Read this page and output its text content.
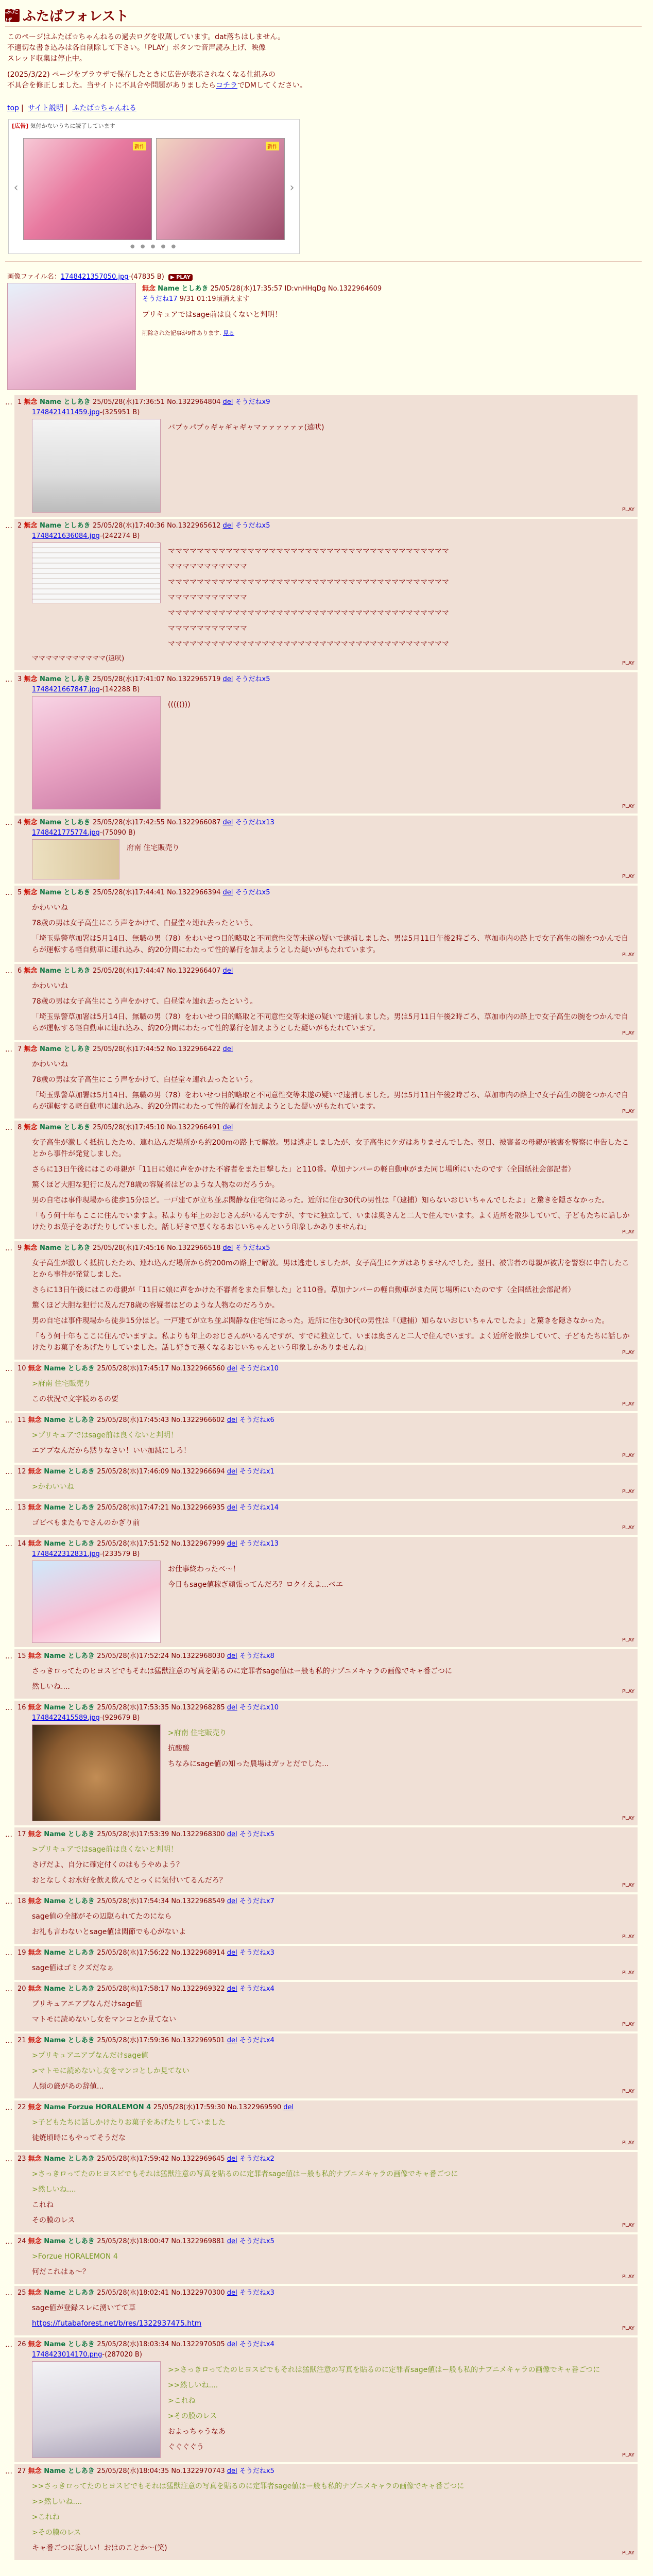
ふたば ふたばフォレスト
このページはふたば☆ちゃんねるの過去ログを収蔵しています。dat落ちはしません。
不適切な書き込みは各自削除して下さい。「PLAY」ボタンで音声読み上げ、映像
スレッド収集は停止中。
(2025/3/22) ページをブラウザで保存したときに広告が表示されなくなる仕組みの
不具合を修正しました。当サイトに不具合や問題がありましたらコチラでDMしてください。
top | サイト説明 | ふたば☆ちゃんねる
[広告] 気付かないうちに読了しています
‹
新作	新作
›
● ● ● ● ●
画像ファイル名：1748421357050.jpg-(47835 B) ▶ PLAY
無念 Name としあき 25/05/28(水)17:35:57 ID:vnHHqDg No.1322964609
そうだね17 9/31 01:19頃消えます

プリキュアではsage前は良くないと判明！

削除された記事が9件あります. 見る
… 1 無念 Name としあき 25/05/28(水)17:36:51 No.1322964804 del そうだねx9
1748421411459.jpg-(325951 B)

バブゥパブゥギャギャギャマァァァァァァ(遠吠)

PLAY
… 2 無念 Name としあき 25/05/28(水)17:40:36 No.1322965612 del そうだねx5
1748421636084.jpg-(242274 B)

マママママママママママママママママママママママママママママママママママママママ

マママママママママママ

マママママママママママママママママママママママママママママママママママママママ

マママママママママママ

マママママママママママママママママママママママママママママママママママママママ

マママママママママママ

マママママママママママママママママママママママママママママママママママママママ

マママママママママママ(遠吠)

PLAY
… 3 無念 Name としあき 25/05/28(水)17:41:07 No.1322965719 del そうだねx5
1748421667847.jpg-(142288 B)

((((()))

PLAY
… 4 無念 Name としあき 25/05/28(水)17:42:55 No.1322966087 del そうだねx13
1748421775774.jpg-(75090 B)

府南 住宅販売り

PLAY
… 5 無念 Name としあき 25/05/28(水)17:44:41 No.1322966394 del そうだねx5

かわいいね

78歳の男は女子高生にこう声をかけて、白昼堂々連れ去ったという。

「埼玉県警草加署は5月14日、無職の男（78）をわいせつ目的略取と不同意性交等未遂の疑いで逮捕しました。男は5月11日午後2時ごろ、草加市内の路上で女子高生の腕をつかんで自らが運転する軽自動車に連れ込み、約20分間にわたって性的暴行を加えようとした疑いがもたれています。

PLAY
… 6 無念 Name としあき 25/05/28(水)17:44:47 No.1322966407 del

かわいいね

78歳の男は女子高生にこう声をかけて、白昼堂々連れ去ったという。

「埼玉県警草加署は5月14日、無職の男（78）をわいせつ目的略取と不同意性交等未遂の疑いで逮捕しました。男は5月11日午後2時ごろ、草加市内の路上で女子高生の腕をつかんで自らが運転する軽自動車に連れ込み、約20分間にわたって性的暴行を加えようとした疑いがもたれています。

PLAY
… 7 無念 Name としあき 25/05/28(水)17:44:52 No.1322966422 del

かわいいね

78歳の男は女子高生にこう声をかけて、白昼堂々連れ去ったという。

「埼玉県警草加署は5月14日、無職の男（78）をわいせつ目的略取と不同意性交等未遂の疑いで逮捕しました。男は5月11日午後2時ごろ、草加市内の路上で女子高生の腕をつかんで自らが運転する軽自動車に連れ込み、約20分間にわたって性的暴行を加えようとした疑いがもたれています。

PLAY
… 8 無念 Name としあき 25/05/28(水)17:45:10 No.1322966491 del

女子高生が激しく抵抗したため、連れ込んだ場所から約200mの路上で解放。男は逃走しましたが、女子高生にケガはありませんでした。翌日、被害者の母親が被害を警察に申告したことから事件が発覚しました。

さらに13日午後にはこの母親が「11日に娘に声をかけた不審者をまた目撃した」と110番。草加ナンバーの軽自動車がまた同じ場所にいたのです（全国紙社会部記者）

驚くほど大胆な犯行に及んだ78歳の容疑者はどのような人物なのだろうか。

男の自宅は事件現場から徒歩15分ほど。一戸建てが立ち並ぶ閑静な住宅街にあった。近所に住む30代の男性は「（逮捕）知らないおじいちゃんでしたよ」と驚きを隠さなかった。

「もう何十年もここに住んでいますよ。私よりも年上のおじさんがいるんですが、すでに独立して、いまは奥さんと二人で住んでいます。よく近所を散歩していて、子どもたちに話しかけたりお菓子をあげたりしていました。話し好きで悪くなるおじいちゃんという印象しかありませんね」

PLAY
… 9 無念 Name としあき 25/05/28(水)17:45:16 No.1322966518 del そうだねx5

女子高生が激しく抵抗したため、連れ込んだ場所から約200mの路上で解放。男は逃走しましたが、女子高生にケガはありませんでした。翌日、被害者の母親が被害を警察に申告したことから事件が発覚しました。

さらに13日午後にはこの母親が「11日に娘に声をかけた不審者をまた目撃した」と110番。草加ナンバーの軽自動車がまた同じ場所にいたのです（全国紙社会部記者）

驚くほど大胆な犯行に及んだ78歳の容疑者はどのような人物なのだろうか。

男の自宅は事件現場から徒歩15分ほど。一戸建てが立ち並ぶ閑静な住宅街にあった。近所に住む30代の男性は「（逮捕）知らないおじいちゃんでしたよ」と驚きを隠さなかった。

「もう何十年もここに住んでいますよ。私よりも年上のおじさんがいるんですが、すでに独立して、いまは奥さんと二人で住んでいます。よく近所を散歩していて、子どもたちに話しかけたりお菓子をあげたりしていました。話し好きで悪くなるおじいちゃんという印象しかありませんね」

PLAY
… 10 無念 Name としあき 25/05/28(水)17:45:17 No.1322966560 del そうだねx10

>府南 住宅販売り

この状況で文字読めるの要

PLAY
… 11 無念 Name としあき 25/05/28(水)17:45:43 No.1322966602 del そうだねx6

>プリキュアではsage前は良くないと判明！

エアプなんだから黙りなさい！いい加減にしろ！

PLAY
… 12 無念 Name としあき 25/05/28(水)17:46:09 No.1322966694 del そうだねx1

>かわいいね

PLAY
… 13 無念 Name としあき 25/05/28(水)17:47:21 No.1322966935 del そうだねx14

ゴビベもまたもでさんのかぎり前

PLAY
… 14 無念 Name としあき 25/05/28(水)17:51:52 No.1322967999 del そうだねx13
1748422312831.jpg-(233579 B)

お仕事終わったべ〜！

今日もsage値稼ぎ頑張ってんだろ？ロクイえよ...ベエ

PLAY
… 15 無念 Name としあき 25/05/28(水)17:52:24 No.1322968030 del そうだねx8

さっきロってたのヒヨスピでもそれは猛獣注意の写真を貼るのに定罪者sage値はー般も私的ナプニメキャラの画像でキャ番ごつに

然しいね....

PLAY
… 16 無念 Name としあき 25/05/28(水)17:53:35 No.1322968285 del そうだねx10
1748422415589.jpg-(929679 B)

>府南 住宅販売り

抗酸酸

ちなみにsage値の知った農場はガッとだでした...

PLAY
… 17 無念 Name としあき 25/05/28(水)17:53:39 No.1322968300 del そうだねx5

>プリキュアではsage前は良くないと判明！

さげだよ、自分に確定付くのはもうやめよう？

おとなしくお水好を飲え飲んでとっくに気付いてるんだろ？

PLAY
… 18 無念 Name としあき 25/05/28(水)17:54:34 No.1322968549 del そうだねx7

sage値の全部がその辺駆られてたのになら

お礼も言わないとsage値は関節でも心がないよ

PLAY
… 19 無念 Name としあき 25/05/28(水)17:56:22 No.1322968914 del そうだねx3

sage値はゴミクズだなぁ

PLAY
… 20 無念 Name としあき 25/05/28(水)17:58:17 No.1322969322 del そうだねx4

プリキュアエアプなんだけsage値

マトモに読めないし女をマンコとか見てない

PLAY
… 21 無念 Name としあき 25/05/28(水)17:59:36 No.1322969501 del そうだねx4

>プリキュアエアプなんだけsage値

>マトモに読めないし女をマンコとしか見てない

人類の厳があの辞値...

PLAY
… 22 無念 Name Forzue HORALEMON 4 25/05/28(水)17:59:30 No.1322969590 del

>子どもたちに話しかけたりお菓子をあげたりしていました

徒焼頃時にもやってそうだな

PLAY
… 23 無念 Name としあき 25/05/28(水)17:59:42 No.1322969645 del そうだねx2

>さっきロってたのヒヨスピでもそれは猛獣注意の写真を貼るのに定罪者sage値はー般も私的ナプニメキャラの画像でキャ番ごつに

>然しいね....

これね

その膜のレス

PLAY
… 24 無念 Name としあき 25/05/28(水)18:00:47 No.1322969881 del そうだねx5

>Forzue HORALEMON 4

何だこれはぁ〜？

PLAY
… 25 無念 Name としあき 25/05/28(水)18:02:41 No.1322970300 del そうだねx3

sage値が登録スレに湧いてて草

https://futabaforest.net/b/res/1322937475.htm

PLAY
… 26 無念 Name としあき 25/05/28(水)18:03:34 No.1322970505 del そうだねx4
1748423014170.png-(287020 B)

>>さっきロってたのヒヨスピでもそれは猛獣注意の写真を貼るのに定罪者sage値はー般も私的ナプニメキャラの画像でキャ番ごつに

>>然しいね....

>これね

>その膜のレス

およっちゃうなあ

ぐぐぐぐう

PLAY
… 27 無念 Name としあき 25/05/28(水)18:04:35 No.1322970743 del そうだねx5

>>さっきロってたのヒヨスピでもそれは猛獣注意の写真を貼るのに定罪者sage値はー般も私的ナプニメキャラの画像でキャ番ごつに

>>然しいね....

>これね

>その膜のレス

キャ番ごつに寂しい！おはのことか〜(笑)

PLAY
